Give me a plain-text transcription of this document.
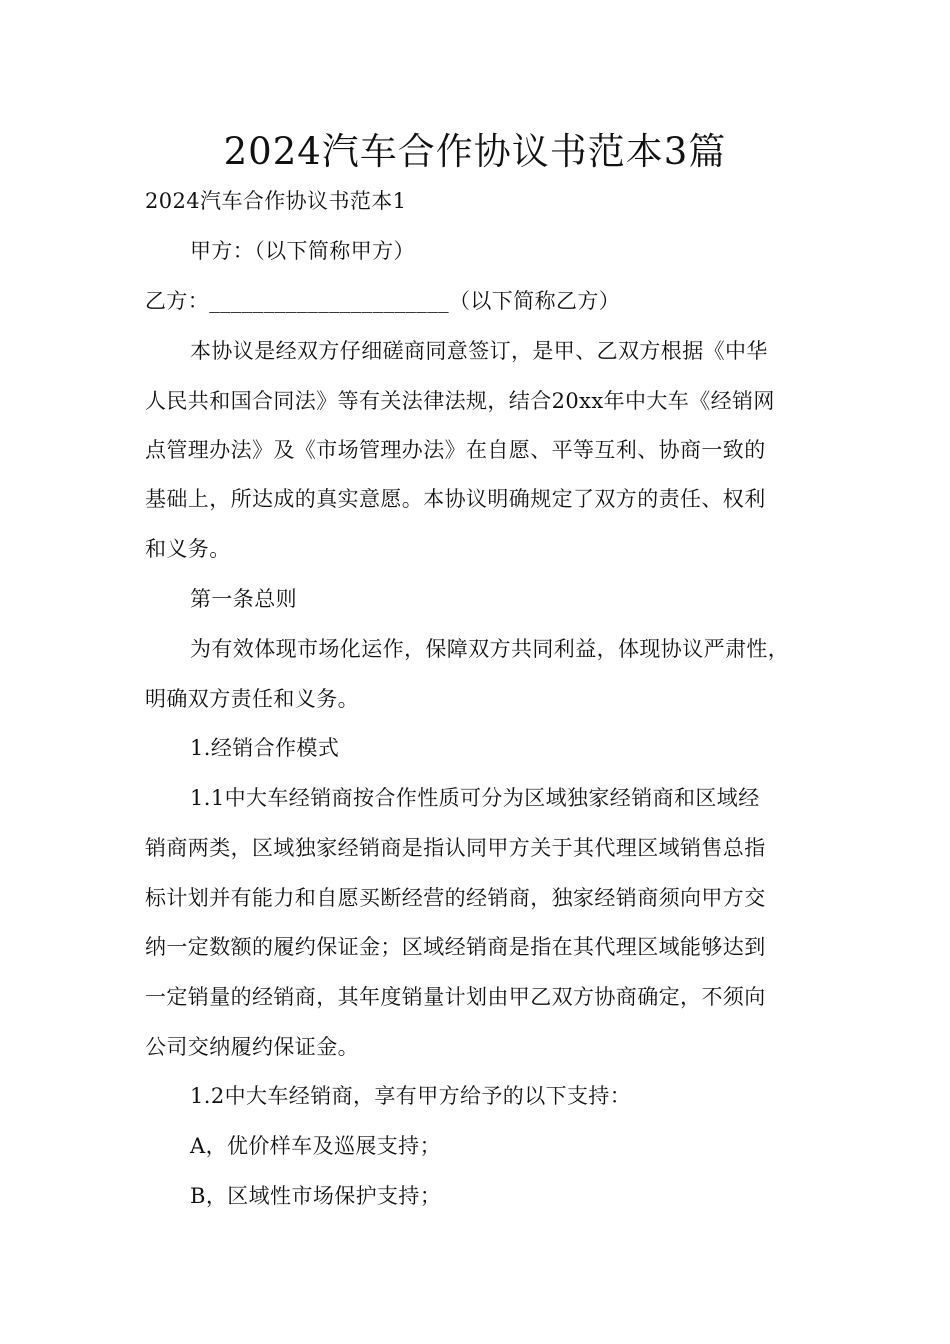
2024汽车合作协议书范本3篇
2024汽车合作协议书范本1
甲方：（以下简称甲方）
乙方：______________________（以下简称乙方）
本协议是经双方仔细磋商同意签订，是甲、乙双方根据《中华
人民共和国合同法》等有关法律法规，结合20xx年中大车《经销网
点管理办法》及《市场管理办法》在自愿、平等互利、协商一致的
基础上，所达成的真实意愿。本协议明确规定了双方的责任、权利
和义务。
第一条总则
为有效体现市场化运作，保障双方共同利益，体现协议严肃性，
明确双方责任和义务。
1.经销合作模式
1.1中大车经销商按合作性质可分为区域独家经销商和区域经
销商两类，区域独家经销商是指认同甲方关于其代理区域销售总指
标计划并有能力和自愿买断经营的经销商，独家经销商须向甲方交
纳一定数额的履约保证金；区域经销商是指在其代理区域能够达到
一定销量的经销商，其年度销量计划由甲乙双方协商确定，不须向
公司交纳履约保证金。
1.2中大车经销商，享有甲方给予的以下支持：
A，优价样车及巡展支持；
B，区域性市场保护支持；
